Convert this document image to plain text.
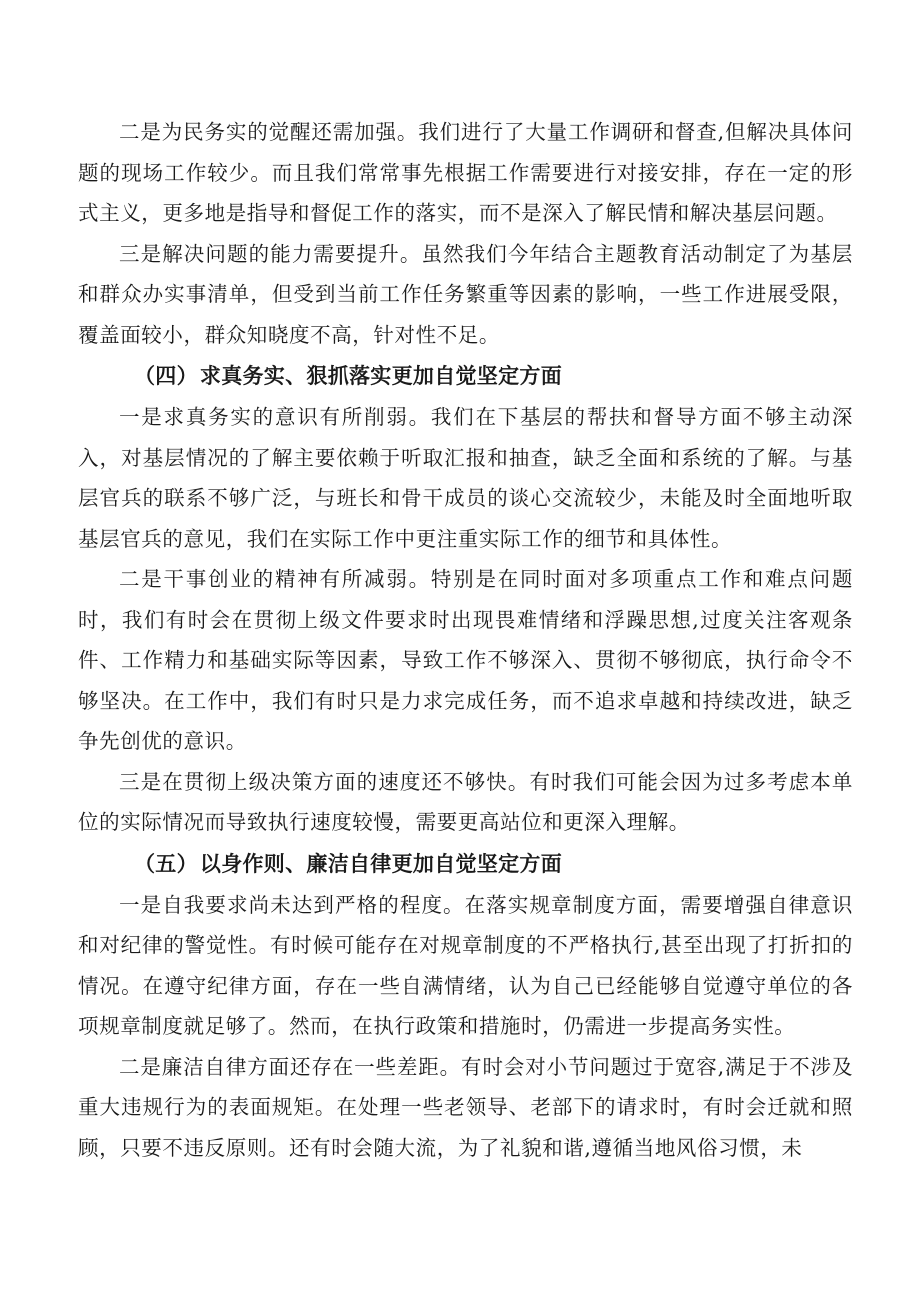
二是为民务实的觉醒还需加强。我们进行了大量工作调研和督查,但解决具体问题的现场工作较少。而且我们常常事先根据工作需要进行对接安排，存在一定的形式主义，更多地是指导和督促工作的落实，而不是深入了解民情和解决基层问题。

三是解决问题的能力需要提升。虽然我们今年结合主题教育活动制定了为基层和群众办实事清单，但受到当前工作任务繁重等因素的影响，一些工作进展受限，覆盖面较小，群众知晓度不高，针对性不足。

（四）求真务实、狠抓落实更加自觉坚定方面

一是求真务实的意识有所削弱。我们在下基层的帮扶和督导方面不够主动深入，对基层情况的了解主要依赖于听取汇报和抽查，缺乏全面和系统的了解。与基层官兵的联系不够广泛，与班长和骨干成员的谈心交流较少，未能及时全面地听取基层官兵的意见，我们在实际工作中更注重实际工作的细节和具体性。

二是干事创业的精神有所减弱。特别是在同时面对多项重点工作和难点问题时，我们有时会在贯彻上级文件要求时出现畏难情绪和浮躁思想,过度关注客观条件、工作精力和基础实际等因素，导致工作不够深入、贯彻不够彻底，执行命令不够坚决。在工作中，我们有时只是力求完成任务，而不追求卓越和持续改进，缺乏争先创优的意识。

三是在贯彻上级决策方面的速度还不够快。有时我们可能会因为过多考虑本单位的实际情况而导致执行速度较慢，需要更高站位和更深入理解。

（五）以身作则、廉洁自律更加自觉坚定方面

一是自我要求尚未达到严格的程度。在落实规章制度方面，需要增强自律意识和对纪律的警觉性。有时候可能存在对规章制度的不严格执行,甚至出现了打折扣的情况。在遵守纪律方面，存在一些自满情绪，认为自己已经能够自觉遵守单位的各项规章制度就足够了。然而，在执行政策和措施时，仍需进一步提高务实性。

二是廉洁自律方面还存在一些差距。有时会对小节问题过于宽容,满足于不涉及重大违规行为的表面规矩。在处理一些老领导、老部下的请求时，有时会迁就和照顾，只要不违反原则。还有时会随大流，为了礼貌和谐,遵循当地风俗习惯，未
